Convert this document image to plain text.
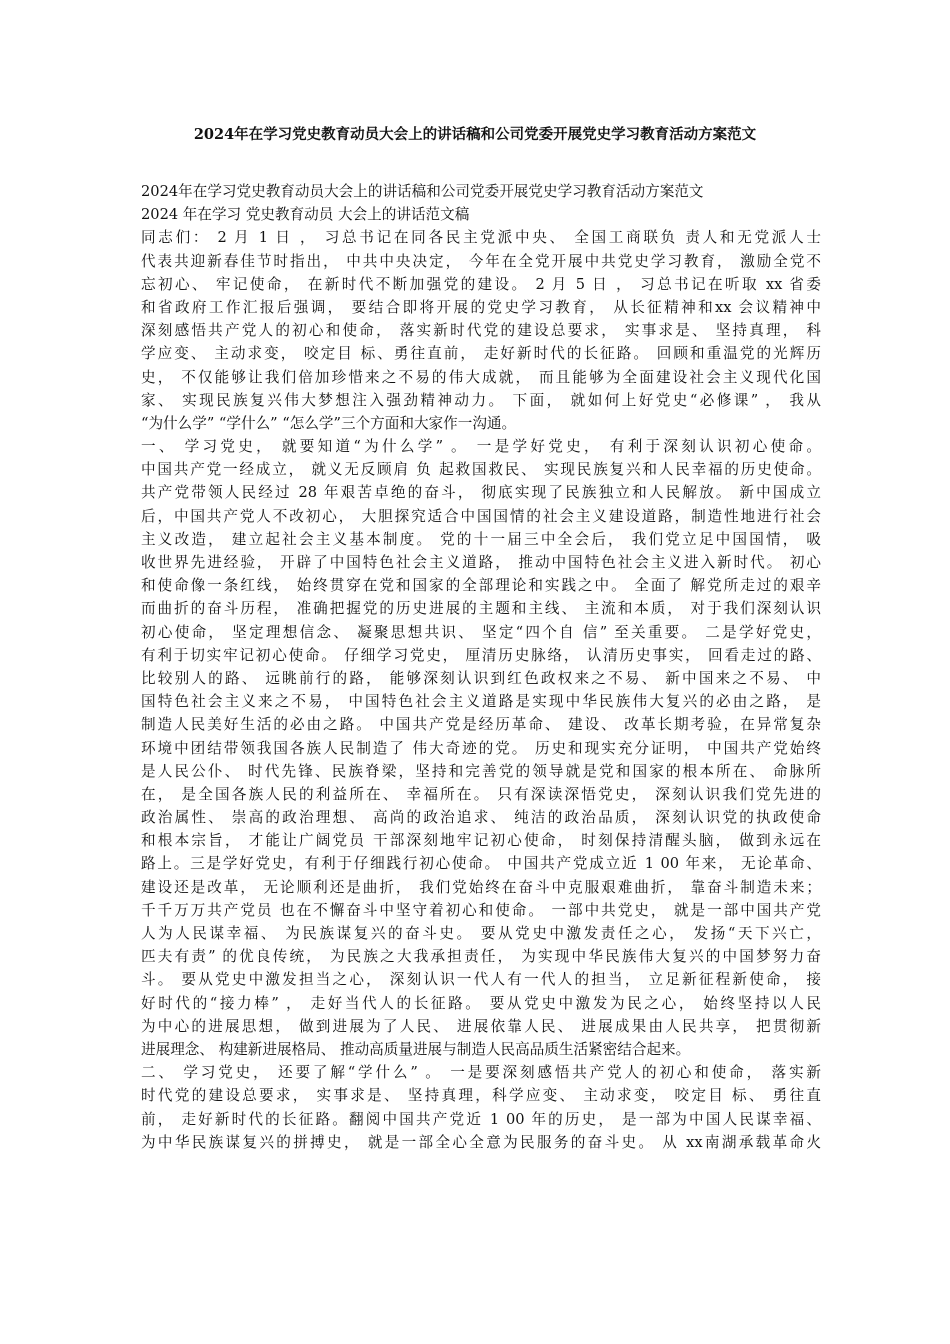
2024年在学习党史教育动员大会上的讲话稿和公司党委开展党史学习教育活动方案范文
2024年在学习党史教育动员大会上的讲话稿和公司党委开展党史学习教育活动方案范文
2024 年在学习 党史教育动员 大会上的讲话范文稿
同志们： 2 月 1 日 ， 习总书记在同各民主党派中央、 全国工商联负 责人和无党派人士
代表共迎新春佳节时指出， 中共中央决定， 今年在全党开展中共党史学习教育， 激励全党不
忘初心、 牢记使命， 在新时代不断加强党的建设。 2 月 5 日 ， 习总书记在听取 xx 省委
和省政府工作汇报后强调， 要结合即将开展的党史学习教育， 从长征精神和xx 会议精神中
深刻感悟共产党人的初心和使命， 落实新时代党的建设总要求， 实事求是、 坚持真理， 科
学应变、 主动求变， 咬定目 标、勇往直前， 走好新时代的长征路。 回顾和重温党的光辉历
史， 不仅能够让我们倍加珍惜来之不易的伟大成就， 而且能够为全面建设社会主义现代化国
家、 实现民族复兴伟大梦想注入强劲精神动力。 下面， 就如何上好党史“必修课” ， 我从
“为什么学” “学什么” “怎么学”三个方面和大家作一沟通。
一、 学习党史， 就要知道“为什么学” 。 一是学好党史， 有利于深刻认识初心使命。
中国共产党一经成立， 就义无反顾肩 负 起救国救民、 实现民族复兴和人民幸福的历史使命。
共产党带领人民经过 28 年艰苦卓绝的奋斗， 彻底实现了民族独立和人民解放。 新中国成立
后，中国共产党人不改初心， 大胆探究适合中国国情的社会主义建设道路，制造性地进行社会
主义改造， 建立起社会主义基本制度。 党的十一届三中全会后， 我们党立足中国国情， 吸
收世界先进经验， 开辟了中国特色社会主义道路， 推动中国特色社会主义进入新时代。 初心
和使命像一条红线， 始终贯穿在党和国家的全部理论和实践之中。 全面了 解党所走过的艰辛
而曲折的奋斗历程， 准确把握党的历史进展的主题和主线、 主流和本质， 对于我们深刻认识
初心使命， 坚定理想信念、 凝聚思想共识、 坚定“四个自 信” 至关重要。 二是学好党史，
有利于切实牢记初心使命。 仔细学习党史， 厘清历史脉络， 认清历史事实， 回看走过的路、
比较别人的路、 远眺前行的路， 能够深刻认识到红色政权来之不易、 新中国来之不易、 中
国特色社会主义来之不易， 中国特色社会主义道路是实现中华民族伟大复兴的必由之路， 是
制造人民美好生活的必由之路。 中国共产党是经历革命、 建设、 改革长期考验，在异常复杂
环境中团结带领我国各族人民制造了 伟大奇迹的党。 历史和现实充分证明， 中国共产党始终
是人民公仆、 时代先锋、民族脊梁，坚持和完善党的领导就是党和国家的根本所在、 命脉所
在， 是全国各族人民的利益所在、 幸福所在。 只有深读深悟党史， 深刻认识我们党先进的
政治属性、 崇高的政治理想、 高尚的政治追求、 纯洁的政治品质， 深刻认识党的执政使命
和根本宗旨， 才能让广阔党员 干部深刻地牢记初心使命， 时刻保持清醒头脑， 做到永远在
路上。三是学好党史，有利于仔细践行初心使命。 中国共产党成立近 1 00 年来， 无论革命、
建设还是改革， 无论顺利还是曲折， 我们党始终在奋斗中克服艰难曲折， 靠奋斗制造未来；
千千万万共产党员 也在不懈奋斗中坚守着初心和使命。 一部中共党史， 就是一部中国共产党
人为人民谋幸福、 为民族谋复兴的奋斗史。 要从党史中激发责任之心， 发扬“天下兴亡，
匹夫有责” 的优良传统， 为民族之大我承担责任， 为实现中华民族伟大复兴的中国梦努力奋
斗。 要从党史中激发担当之心， 深刻认识一代人有一代人的担当， 立足新征程新使命， 接
好时代的“接力棒” ， 走好当代人的长征路。 要从党史中激发为民之心， 始终坚持以人民
为中心的进展思想， 做到进展为了人民、 进展依靠人民、 进展成果由人民共享， 把贯彻新
进展理念、 构建新进展格局、 推动高质量进展与制造人民高品质生活紧密结合起来。
二、 学习党史， 还要了解“学什么” 。 一是要深刻感悟共产党人的初心和使命， 落实新
时代党的建设总要求， 实事求是、 坚持真理，科学应变、 主动求变， 咬定目 标、 勇往直
前， 走好新时代的长征路。翻阅中国共产党近 1 00 年的历史， 是一部为中国人民谋幸福、
为中华民族谋复兴的拼搏史， 就是一部全心全意为民服务的奋斗史。 从 xx南湖承载革命火
